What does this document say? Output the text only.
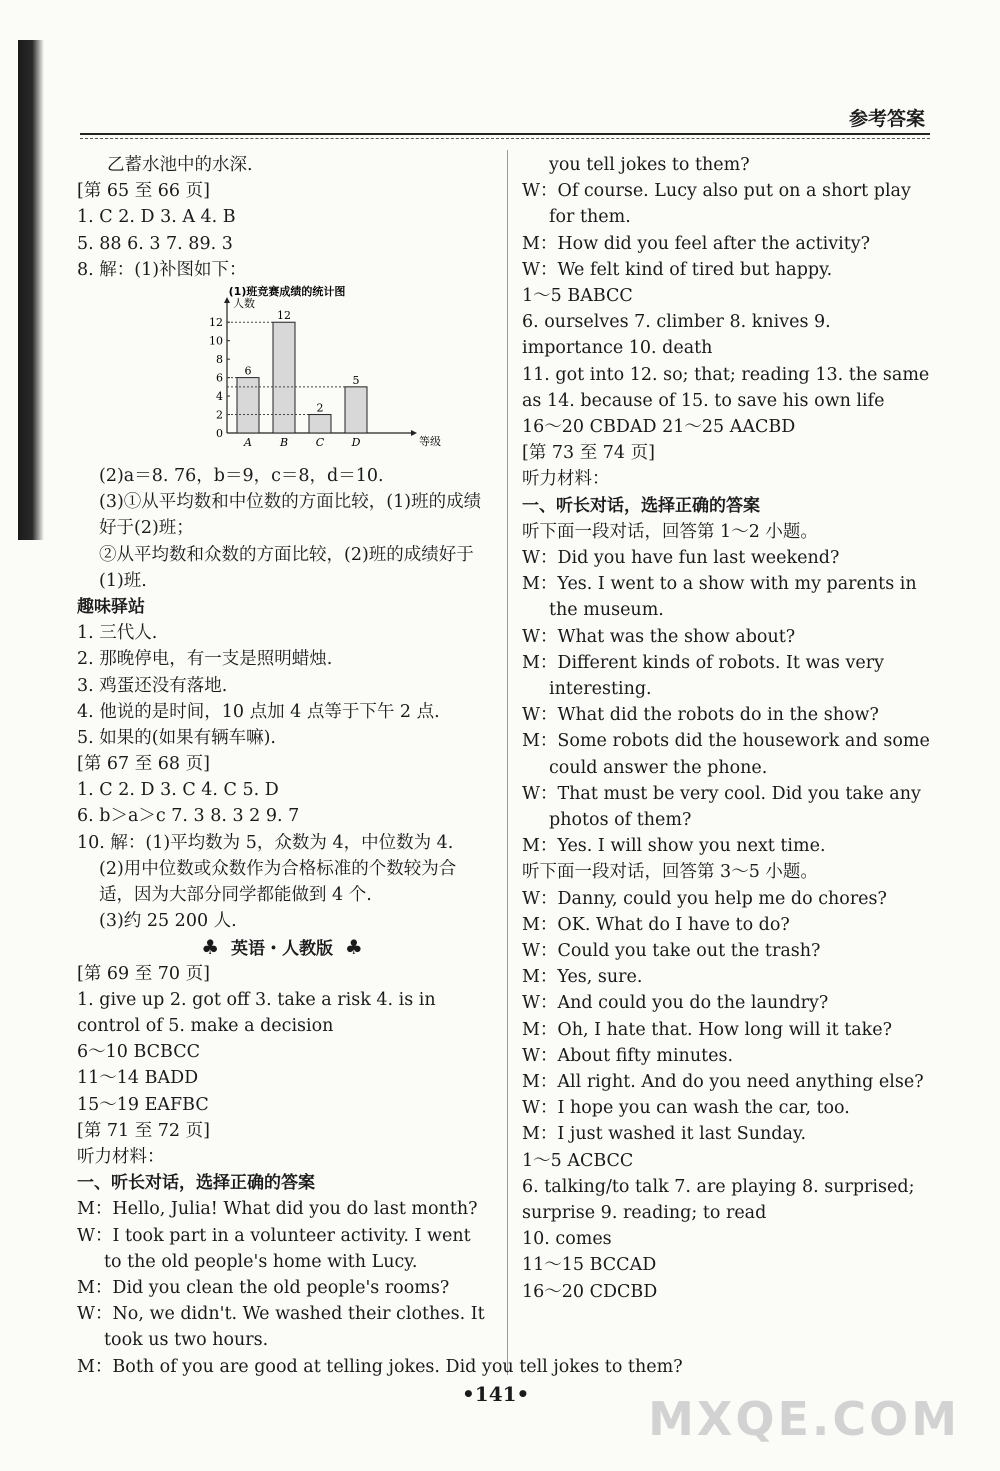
参考答案
乙蓄水池中的水深.
[第 65 至 66 页]
1. C 2. D 3. A 4. B
5. 88 6. 3 7. 89. 3
8. 解：(1)补图如下：
(1)班竞赛成绩的统计图
人数
等级
0
2
4
6
8
10
12
6
A
12
B
2
C
5
D
(2)a＝8. 76，b＝9，c＝8，d＝10.
(3)①从平均数和中位数的方面比较，(1)班的成绩好于(2)班；
②从平均数和众数的方面比较，(2)班的成绩好于(1)班.
趣味驿站
1. 三代人.
2. 那晚停电，有一支是照明蜡烛.
3. 鸡蛋还没有落地.
4. 他说的是时间，10 点加 4 点等于下午 2 点.
5. 如果的(如果有辆车嘛).
[第 67 至 68 页]
1. C 2. D 3. C 4. C 5. D
6. b＞a＞c 7. 3 8. 3 2 9. 7
10. 解：(1)平均数为 5，众数为 4，中位数为 4.
(2)用中位数或众数作为合格标准的个数较为合适，因为大部分同学都能做到 4 个.
(3)约 25 200 人.
♣ 英语・人教版 ♣
[第 69 至 70 页]
1. give up 2. got off 3. take a risk 4. is in control of 5. make a decision
6～10 BCBCC
11～14 BADD
15～19 EAFBC
[第 71 至 72 页]
听力材料：
一、听长对话，选择正确的答案
M：Hello, Julia! What did you do last month?
W：I took part in a volunteer activity. I went to the old people's home with Lucy.
M：Did you clean the old people's rooms?
W：No, we didn't. We washed their clothes. It took us two hours.
M：Both of you are good at telling jokes. Did you tell jokes to them?
you tell jokes to them?
W：Of course. Lucy also put on a short play for them.
M：How did you feel after the activity?
W：We felt kind of tired but happy.
1～5 BABCC
6. ourselves 7. climber 8. knives 9. importance 10. death
11. got into 12. so; that; reading 13. the same as 14. because of 15. to save his own life
16～20 CBDAD 21～25 AACBD
[第 73 至 74 页]
听力材料：
一、听长对话，选择正确的答案
听下面一段对话，回答第 1～2 小题。
W：Did you have fun last weekend?
M：Yes. I went to a show with my parents in the museum.
W：What was the show about?
M：Different kinds of robots. It was very interesting.
W：What did the robots do in the show?
M：Some robots did the housework and some could answer the phone.
W：That must be very cool. Did you take any photos of them?
M：Yes. I will show you next time.
听下面一段对话，回答第 3～5 小题。
W：Danny, could you help me do chores?
M：OK. What do I have to do?
W：Could you take out the trash?
M：Yes, sure.
W：And could you do the laundry?
M：Oh, I hate that. How long will it take?
W：About fifty minutes.
M：All right. And do you need anything else?
W：I hope you can wash the car, too.
M：I just washed it last Sunday.
1～5 ACBCC
6. talking/to talk 7. are playing 8. surprised; surprise 9. reading; to read
10. comes
11～15 BCCAD
16～20 CDCBD
•141•	MXQE.COM
